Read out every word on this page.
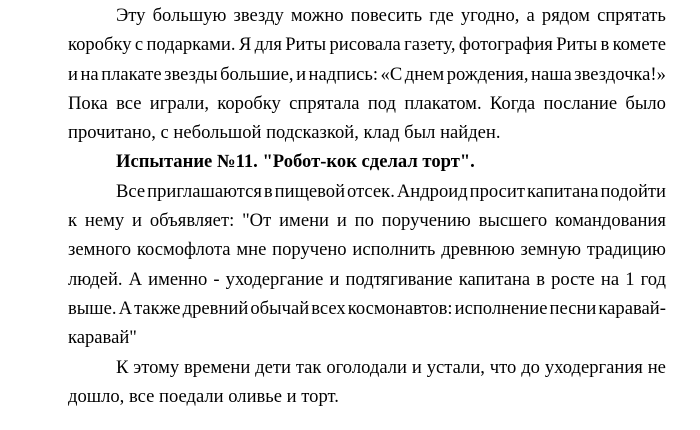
Эту большую звезду можно повесить где угодно, а рядом спрятать
коробку с подарками. Я для Риты рисовала газету, фотография Риты в комете
и на плакате звезды большие, и надпись: «С днем рождения, наша звездочка!»
Пока все играли, коробку спрятала под плакатом. Когда послание было
прочитано, с небольшой подсказкой, клад был найден.
Испытание №11. "Робот-кок сделал торт".
Все приглашаются в пищевой отсек. Андроид просит капитана подойти
к нему и объявляет: "От имени и по поручению высшего командования
земного космофлота мне поручено исполнить древнюю земную традицию
людей. А именно - уходергание и подтягивание капитана в росте на 1 год
выше. А также древний обычай всех космонавтов: исполнение песни каравай-
каравай"
К этому времени дети так оголодали и устали, что до уходергания не
дошло, все поедали оливье и торт.
